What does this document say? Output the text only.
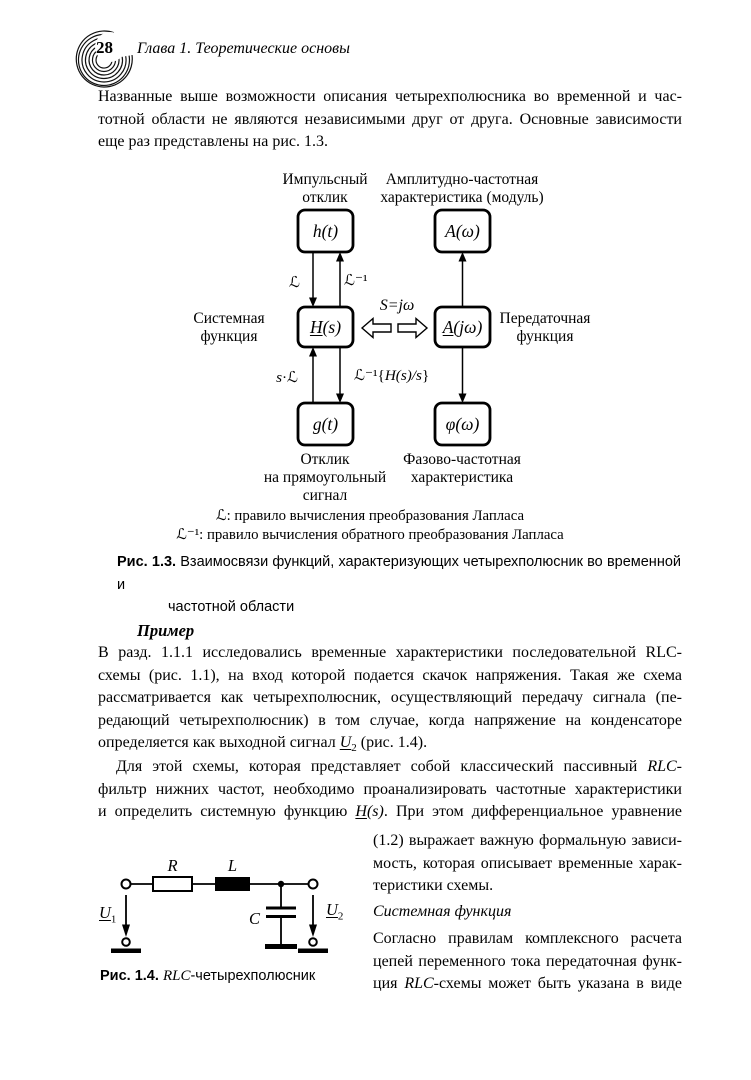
28 Глава 1. Теоретические основы
Названные выше возможности описания четырехполюсника во временной и час-
тотной области не являются независимыми друг от друга. Основные зависимости
еще раз представлены на рис. 1.3.
h(t)	A(ω)
H (s)	A (jω)
g(t)	φ(ω)
Импульсный
отклик
Амплитудно-частотная
характеристика (модуль)
Системная
функция
Передаточная
функция
Отклик
на прямоугольный
сигнал
Фазово-частотная
характеристика
ℒ	ℒ⁻¹
S=jω
s·ℒ	ℒ⁻¹{H(s)/s}
ℒ: правило вычисления преобразования Лапласа
ℒ⁻¹: правило вычисления обратного преобразования Лапласа
Рис. 1.3. Взаимосвязи функций, характеризующих четырехполюсник во временной и
частотной области
Пример
В разд. 1.1.1 исследовались временные характеристики последовательной RLC-
схемы (рис. 1.1), на вход которой подается скачок напряжения. Такая же схема
рассматривается как четырехполюсник, осуществляющий передачу сигнала (пе-
редающий четырехполюсник) в том случае, когда напряжение на конденсаторе
определяется как выходной сигнал $U_2$ (рис. 1.4).
Для этой схемы, которая представляет собой классический пассивный RLC-
фильтр нижних частот, необходимо проанализировать частотные характеристики
и определить системную функцию H(s). При этом дифференциальное уравнение
(1.2) выражает важную формальную зависи-
мость, которая описывает временные харак-
теристики схемы.
Системная функция
Согласно правилам комплексного расчета
цепей переменного тока передаточная функ-
ция RLC-схемы может быть указана в виде
R	L
C
$U_1$
$U_2$
Рис. 1.4. RLC-четырехполюсник
